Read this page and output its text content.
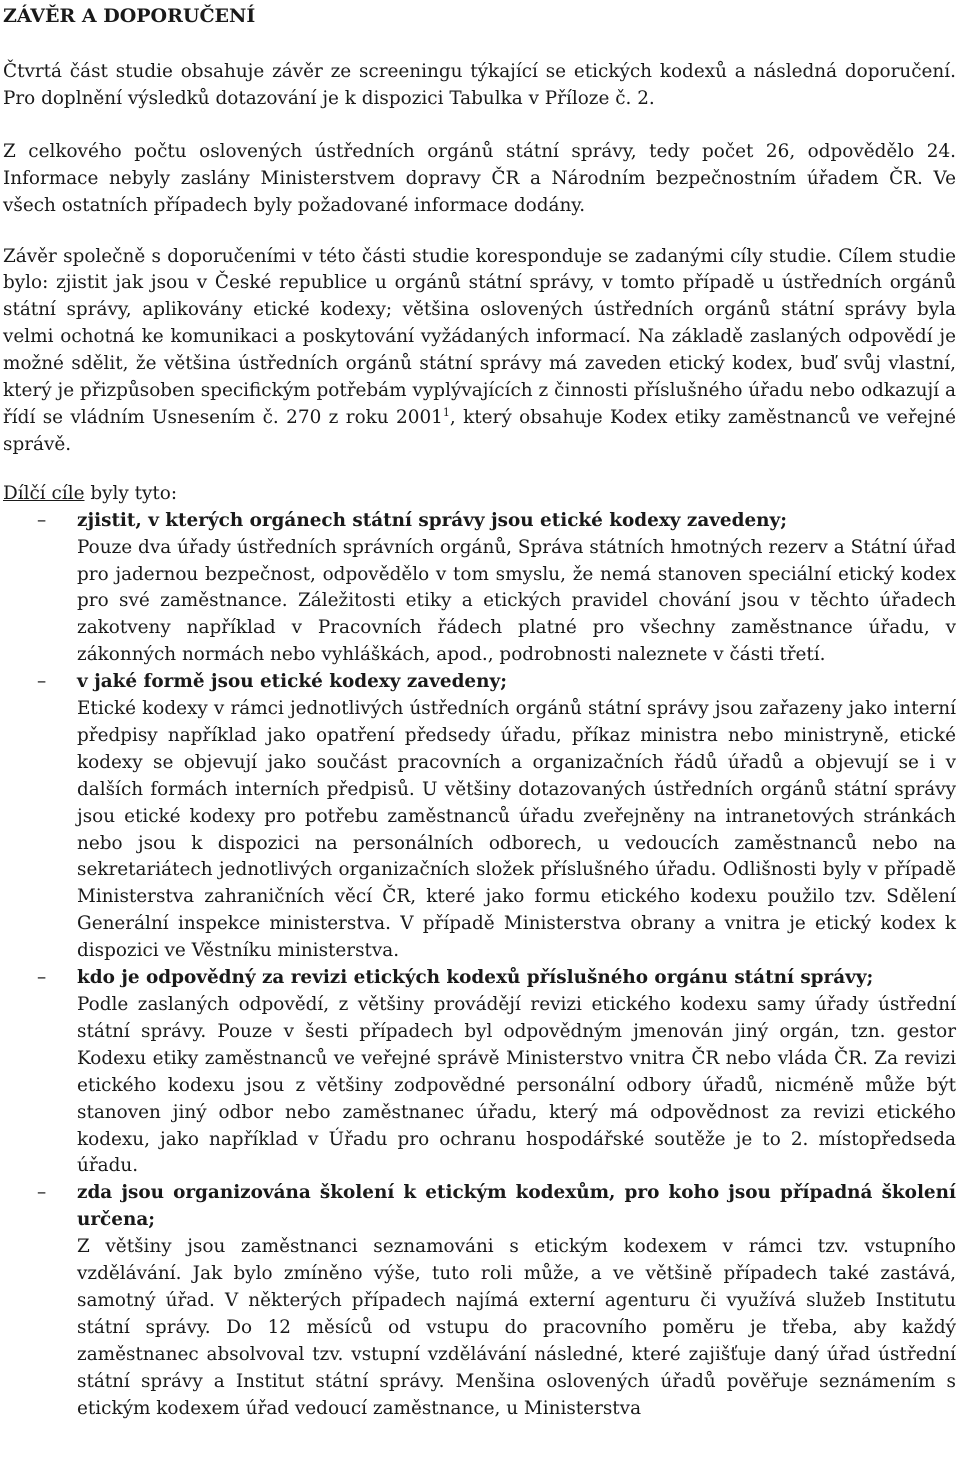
ZÁVĚR A DOPORUČENÍ

Čtvrtá část studie obsahuje závěr ze screeningu týkající se etických kodexů a následná doporučení. Pro doplnění výsledků dotazování je k dispozici Tabulka v Příloze č. 2.

Z celkového počtu oslovených ústředních orgánů státní správy, tedy počet 26, odpovědělo 24. Informace nebyly zaslány Ministerstvem dopravy ČR a Národním bezpečnostním úřadem ČR. Ve všech ostatních případech byly požadované informace dodány.

Závěr společně s doporučeními v této části studie koresponduje se zadanými cíly studie. Cílem studie bylo: zjistit jak jsou v České republice u orgánů státní správy, v tomto případě u ústředních orgánů státní správy, aplikovány etické kodexy; většina oslovených ústředních orgánů státní správy byla velmi ochotná ke komunikaci a poskytování vyžádaných informací. Na základě zaslaných odpovědí je možné sdělit, že většina ústředních orgánů státní správy má zaveden etický kodex, buď svůj vlastní, který je přizpůsoben specifickým potřebám vyplývajících z činnosti příslušného úřadu nebo odkazují a řídí se vládním Usnesením č. 270 z roku 2001$^1$, který obsahuje Kodex etiky zaměstnanců ve veřejné správě.

Dílčí cíle byly tyto:

– zjistit, v kterých orgánech státní správy jsou etické kodexy zavedeny;

Pouze dva úřady ústředních správních orgánů, Správa státních hmotných rezerv a Státní úřad pro jadernou bezpečnost, odpovědělo v tom smyslu, že nemá stanoven speciální etický kodex pro své zaměstnance. Záležitosti etiky a etických pravidel chování jsou v těchto úřadech zakotveny například v Pracovních řádech platné pro všechny zaměstnance úřadu, v zákonných normách nebo vyhláškách, apod., podrobnosti naleznete v části třetí.

– v jaké formě jsou etické kodexy zavedeny;

Etické kodexy v rámci jednotlivých ústředních orgánů státní správy jsou zařazeny jako interní předpisy například jako opatření předsedy úřadu, příkaz ministra nebo ministryně, etické kodexy se objevují jako součást pracovních a organizačních řádů úřadů a objevují se i v dalších formách interních předpisů. U většiny dotazovaných ústředních orgánů státní správy jsou etické kodexy pro potřebu zaměstnanců úřadu zveřejněny na intranetových stránkách nebo jsou k dispozici na personálních odborech, u vedoucích zaměstnanců nebo na sekretariátech jednotlivých organizačních složek příslušného úřadu. Odlišnosti byly v případě Ministerstva zahraničních věcí ČR, které jako formu etického kodexu použilo tzv. Sdělení Generální inspekce ministerstva. V případě Ministerstva obrany a vnitra je etický kodex k dispozici ve Věstníku ministerstva.

– kdo je odpovědný za revizi etických kodexů příslušného orgánu státní správy;

Podle zaslaných odpovědí, z většiny provádějí revizi etického kodexu samy úřady ústřední státní správy. Pouze v šesti případech byl odpovědným jmenován jiný orgán, tzn. gestor Kodexu etiky zaměstnanců ve veřejné správě Ministerstvo vnitra ČR nebo vláda ČR. Za revizi etického kodexu jsou z většiny zodpovědné personální odbory úřadů, nicméně může být stanoven jiný odbor nebo zaměstnanec úřadu, který má odpovědnost za revizi etického kodexu, jako například v Úřadu pro ochranu hospodářské soutěže je to 2. místopředseda úřadu.

– zda jsou organizována školení k etickým kodexům, pro koho jsou případná školení určena;

Z většiny jsou zaměstnanci seznamováni s etickým kodexem v rámci tzv. vstupního vzdělávání. Jak bylo zmíněno výše, tuto roli může, a ve většině případech také zastává, samotný úřad. V některých případech najímá externí agenturu či využívá služeb Institutu státní správy. Do 12 měsíců od vstupu do pracovního poměru je třeba, aby každý zaměstnanec absolvoval tzv. vstupní vzdělávání následné, které zajišťuje daný úřad ústřední státní správy a Institut státní správy. Menšina oslovených úřadů pověřuje seznámením s etickým kodexem úřad vedoucí zaměstnance, u Ministerstva
